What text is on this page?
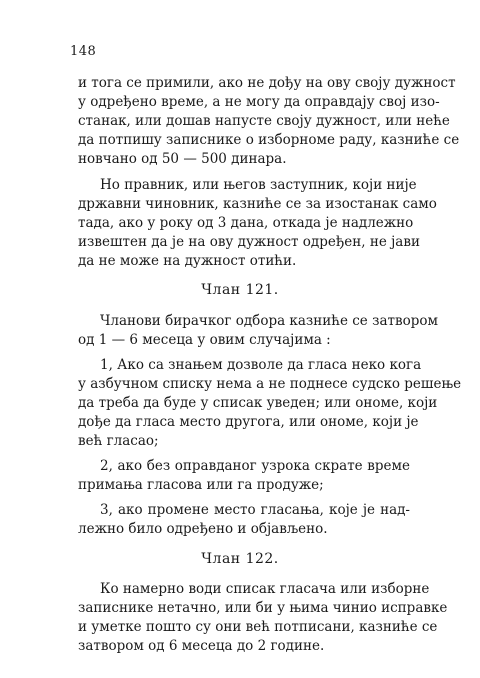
148
и тога се примили, ако не дођу на ову своју дужност
у одређено време, а не могу да оправдају свој изо-
станак, или дошав напусте своју дужност, или неће
да потпишу записнике о изборноме раду, казниће се
новчано од 50 — 500 динара.
Но правник, или његов заступник, који није
државни чиновник, казниће се за изостанак само
тада, ако у року од 3 дана, откада је надлежно
извештен да је на ову дужност одређен, не јави
да не може на дужност отићи.
Члан 121.
Чланови бирачког одбора казниће се затвором
од 1 — 6 месеца у овим случајима :
1, Ако са знањем дозволе да гласа неко кога
у азбучном списку нема а не поднесе судско решење
да треба да буде у списак уведен; или ономе, који
дође да гласа место другога, или ономе, који је
већ гласао;
2, ако без оправданог узрока скрате време
примања гласова или га продуже;
3, ако промене место гласања, које је над-
лежно било одређено и објављено.
Члан 122.
Ко намерно води списак гласача или изборне
записнике нетачно, или би у њима чинио исправке
и уметке пошто су они већ потписани, казниће се
затвором од 6 месеца до 2 године.
